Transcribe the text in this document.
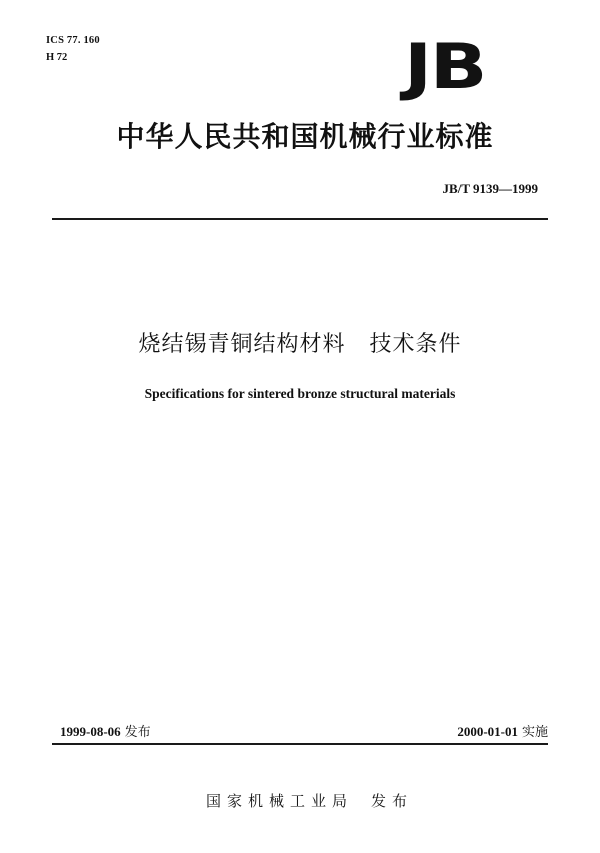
ICS 77. 160
H 72	JB
中华人民共和国机械行业标准
JB/T 9139—1999
烧结锡青铜结构材料   技术条件
Specifications for sintered bronze structural materials
1999-08-06 发布	2000-01-01 实施

国家机械工业局 发布
